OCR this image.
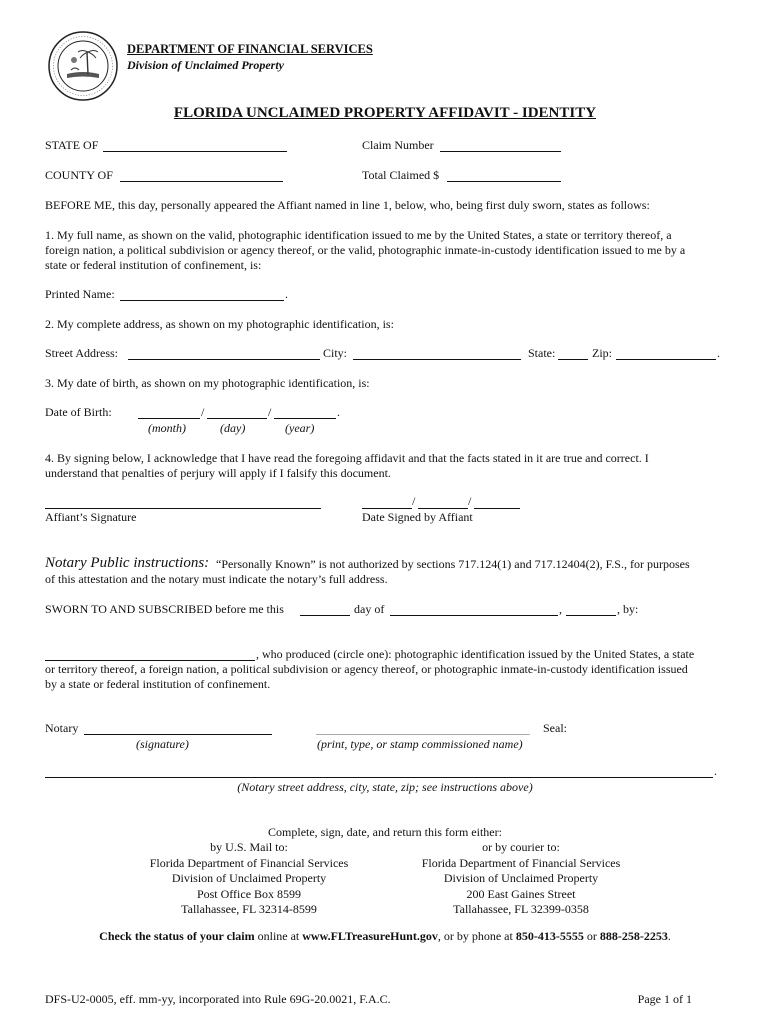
DEPARTMENT OF FINANCIAL SERVICES
Division of Unclaimed Property
FLORIDA UNCLAIMED PROPERTY AFFIDAVIT - IDENTITY
STATE OF
COUNTY OF
Claim Number
Total Claimed $
BEFORE ME, this day, personally appeared the Affiant named in line 1, below, who, being first duly sworn, states as follows:
1. My full name, as shown on the valid, photographic identification issued to me by the United States, a state or territory thereof, a
foreign nation, a political subdivision or agency thereof, or the valid, photographic inmate-in-custody identification issued to me by a
state or federal institution of confinement, is:
Printed Name:	.
2. My complete address, as shown on my photographic identification, is:
Street Address:	City:	State:	Zip:	.
3. My date of birth, as shown on my photographic identification, is:
Date of Birth:	/	/	.
(month)	(day)	(year)
4. By signing below, I acknowledge that I have read the foregoing affidavit and that the facts stated in it are true and correct. I
understand that penalties of perjury will apply if I falsify this document.
Affiant’s Signature
/	/
Date Signed by Affiant
Notary Public instructions: “Personally Known” is not authorized by sections 717.124(1) and 717.12404(2), F.S., for purposes
of this attestation and the notary must indicate the notary’s full address.
SWORN TO AND SUBSCRIBED before me this	day of	,	, by:
, who produced (circle one): photographic identification issued by the United States, a state
or territory thereof, a foreign nation, a political subdivision or agency thereof, or photographic inmate-in-custody identification issued
by a state or federal institution of confinement.
Notary	Seal:
(signature)	(print, type, or stamp commissioned name)
.
(Notary street address, city, state, zip; see instructions above)
Complete, sign, date, and return this form either:
by U.S. Mail to:
Florida Department of Financial Services
Division of Unclaimed Property
Post Office Box 8599
Tallahassee, FL 32314-8599
or by courier to:
Florida Department of Financial Services
Division of Unclaimed Property
200 East Gaines Street
Tallahassee, FL 32399-0358
Check the status of your claim online at www.FLTreasureHunt.gov, or by phone at 850-413-5555 or 888-258-2253.
DFS-U2-0005, eff. mm-yy, incorporated into Rule 69G-20.0021, F.A.C.	Page 1 of 1
